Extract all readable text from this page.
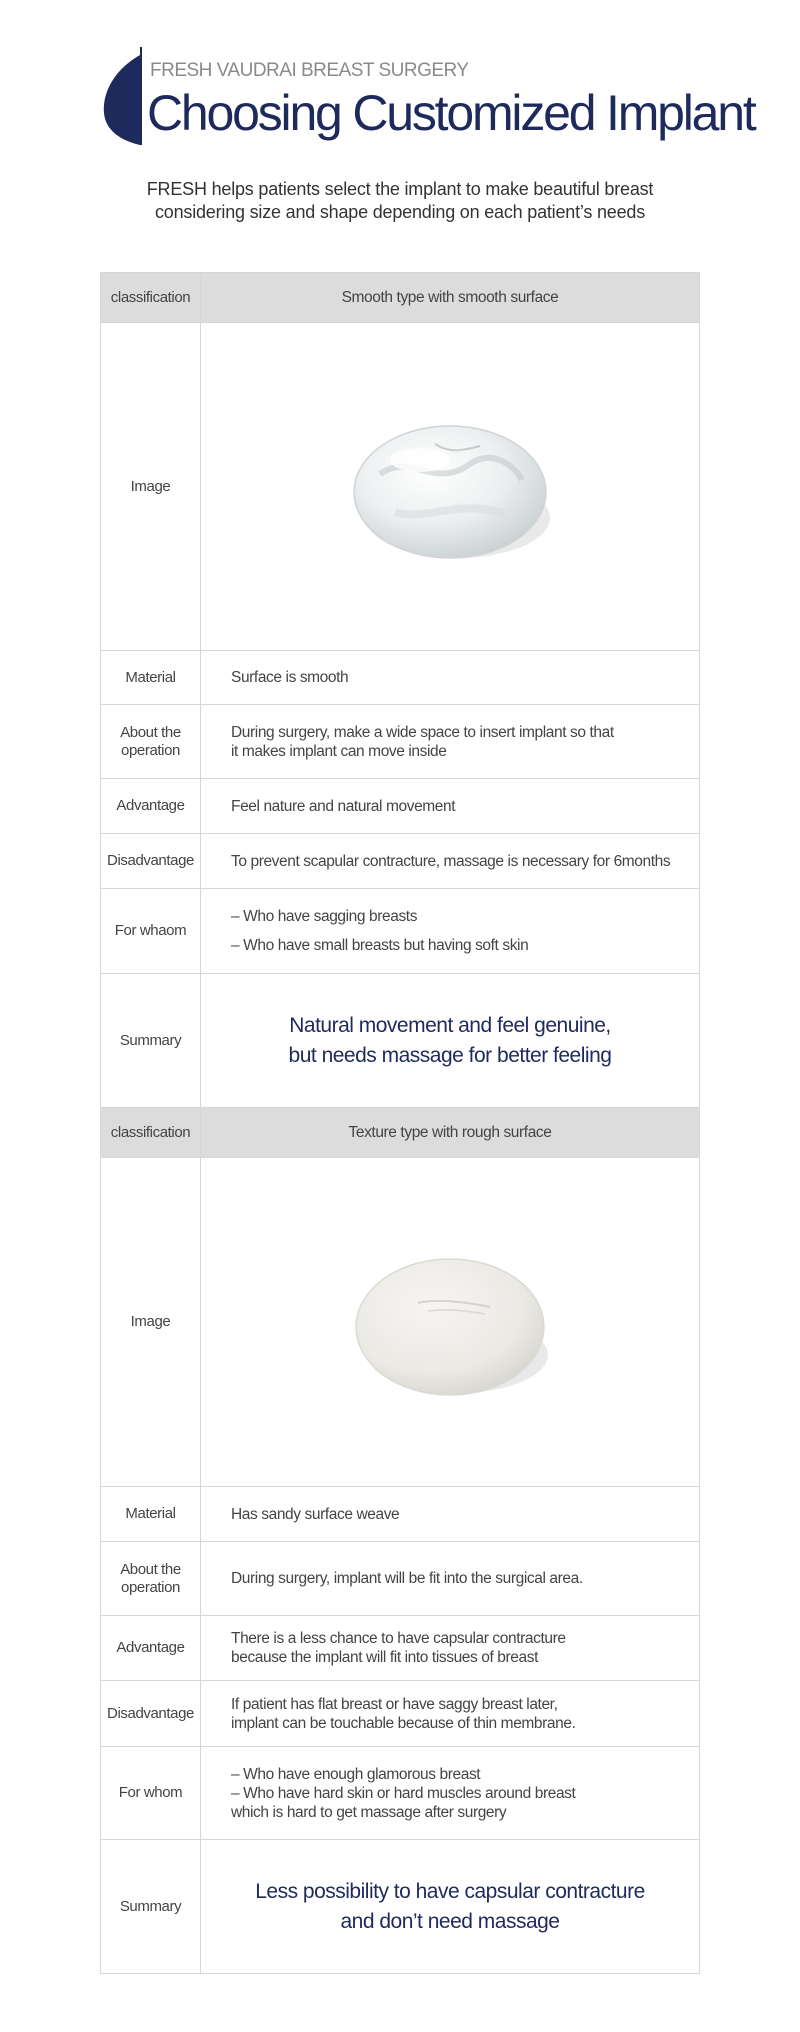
FRESH VAUDRAI BREAST SURGERY
Choosing Customized Implant
FRESH helps patients select the implant to make beautiful breast
considering size and shape depending on each patient’s needs
classification	Smooth type with smooth surface
Image	

Material	Surface is smooth

About the
operation	During surgery, make a wide space to insert implant so that
it makes implant can move inside

Advantage	Feel nature and natural movement

Disadvantage	To prevent scapular contracture, massage is necessary for 6months

For whaom	– Who have sagging breasts
– Who have small breasts but having soft skin

Summary	Natural movement and feel genuine,
but needs massage for better feeling
classification	Texture type with rough surface
Image	

Material	Has sandy surface weave

About the
operation	During surgery, implant will be fit into the surgical area.

Advantage	There is a less chance to have capsular contracture
because the implant will fit into tissues of breast

Disadvantage	If patient has flat breast or have saggy breast later,
implant can be touchable because of thin membrane.

For whom	– Who have enough glamorous breast
– Who have hard skin or hard muscles around breast
which is hard to get massage after surgery

Summary	Less possibility to have capsular contracture
and don’t need massage
